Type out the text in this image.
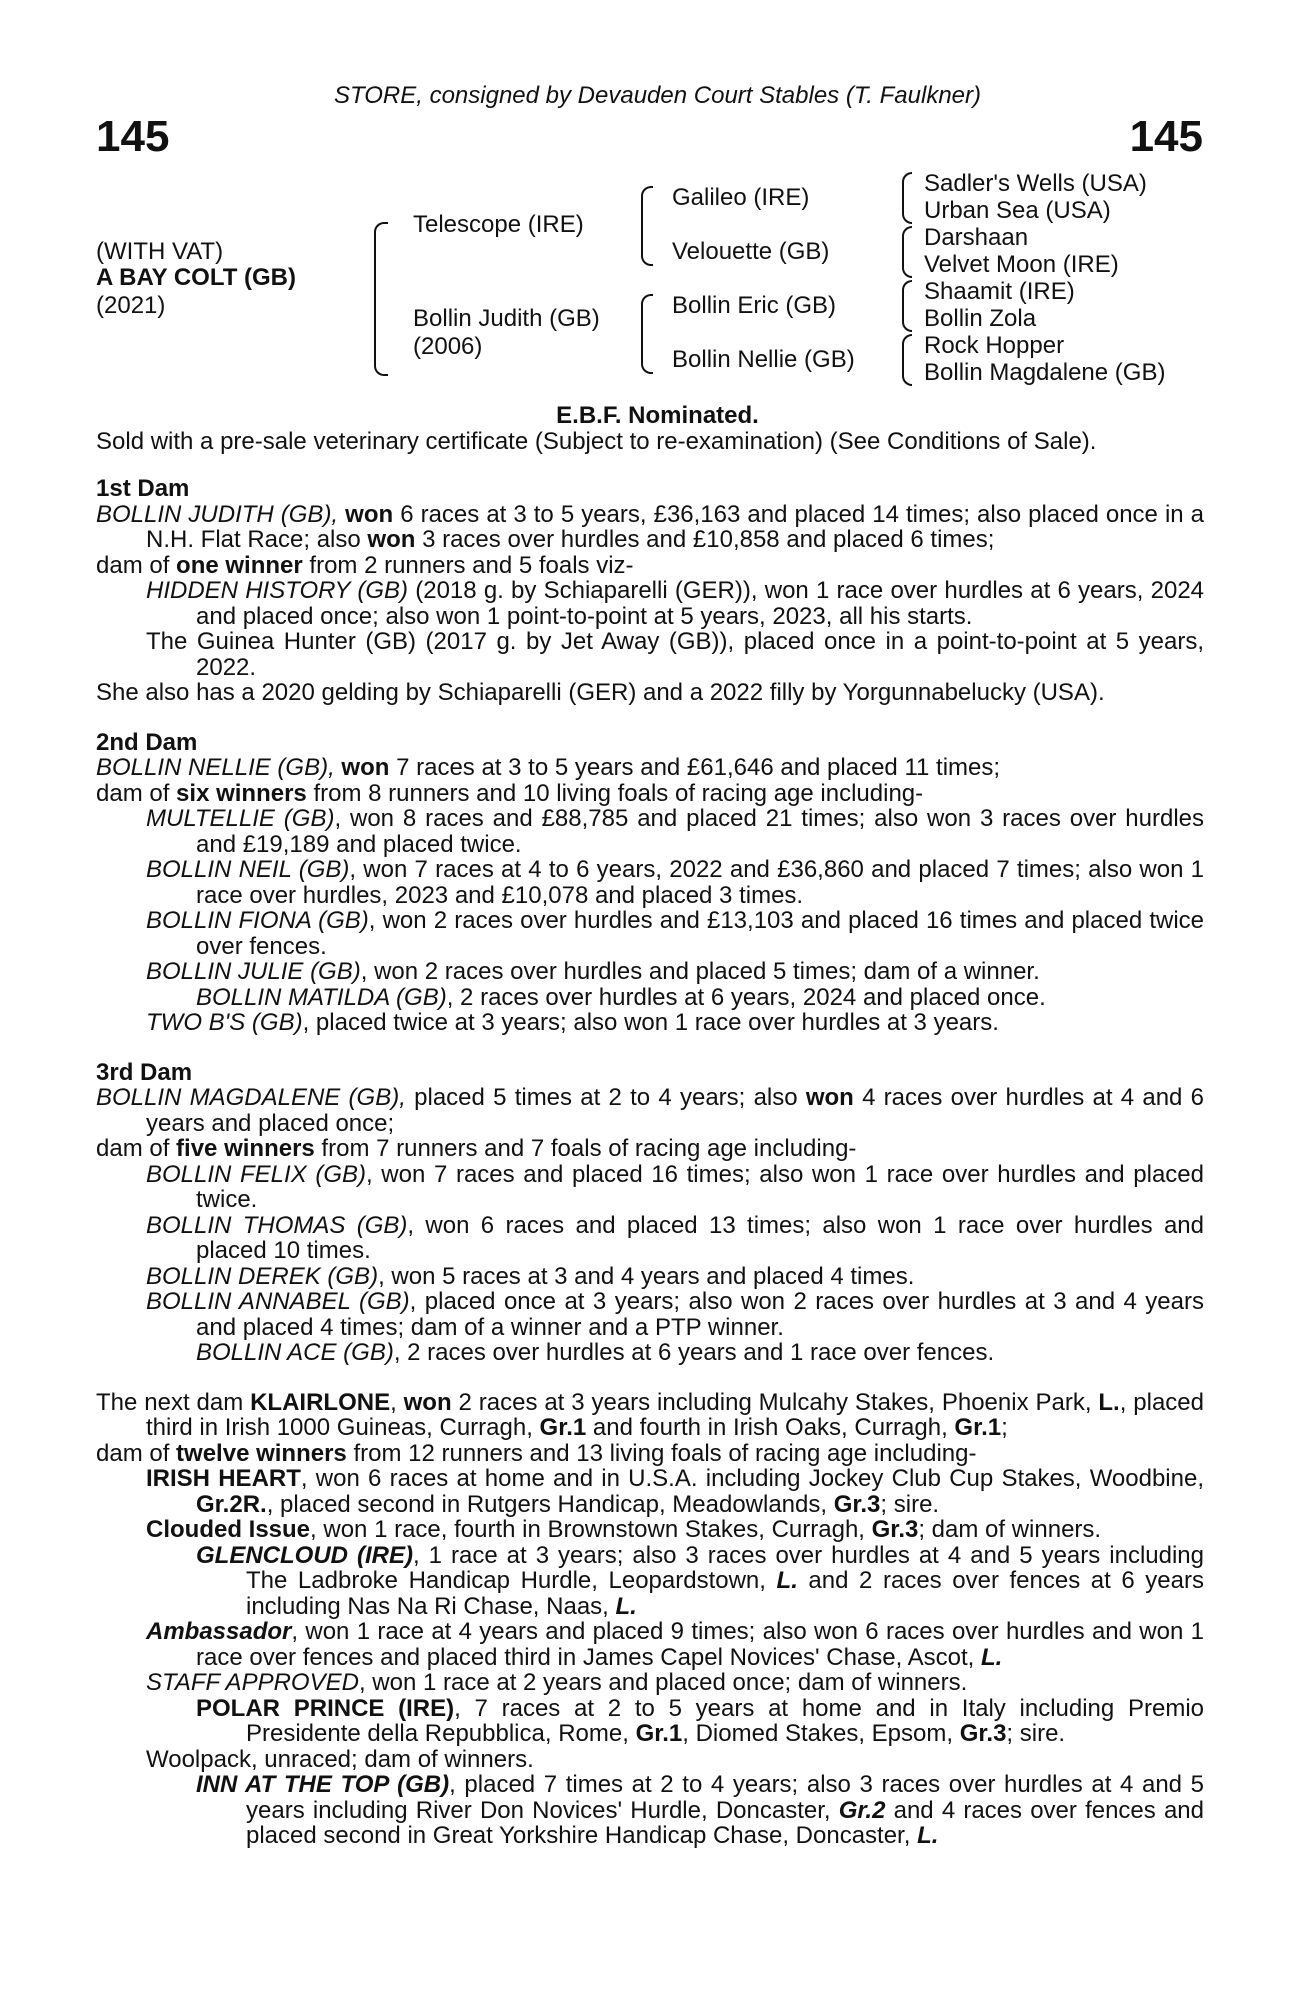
STORE, consigned by Devauden Court Stables (T. Faulkner)
145	145
(WITH VAT)
A BAY COLT (GB)
(2021)
Telescope (IRE)
Bollin Judith (GB)
(2006)
Galileo (IRE)
Velouette (GB)
Bollin Eric (GB)
Bollin Nellie (GB)
Sadler's Wells (USA)
Urban Sea (USA)
Darshaan
Velvet Moon (IRE)
Shaamit (IRE)
Bollin Zola
Rock Hopper
Bollin Magdalene (GB)
E.B.F. Nominated.
Sold with a pre-sale veterinary certificate (Subject to re-examination) (See Conditions of Sale).
1st Dam
BOLLIN JUDITH (GB), won 6 races at 3 to 5 years, £36,163 and placed 14 times; also placed once in a N.H. Flat Race; also won 3 races over hurdles and £10,858 and placed 6 times;
dam of one winner from 2 runners and 5 foals viz-
HIDDEN HISTORY (GB) (2018 g. by Schiaparelli (GER)), won 1 race over hurdles at 6 years, 2024 and placed once; also won 1 point-to-point at 5 years, 2023, all his starts.
The Guinea Hunter (GB) (2017 g. by Jet Away (GB)), placed once in a point-to-point at 5 years, 2022.
She also has a 2020 gelding by Schiaparelli (GER) and a 2022 filly by Yorgunnabelucky (USA).
2nd Dam
BOLLIN NELLIE (GB), won 7 races at 3 to 5 years and £61,646 and placed 11 times;
dam of six winners from 8 runners and 10 living foals of racing age including-
MULTELLIE (GB), won 8 races and £88,785 and placed 21 times; also won 3 races over hurdles and £19,189 and placed twice.
BOLLIN NEIL (GB), won 7 races at 4 to 6 years, 2022 and £36,860 and placed 7 times; also won 1 race over hurdles, 2023 and £10,078 and placed 3 times.
BOLLIN FIONA (GB), won 2 races over hurdles and £13,103 and placed 16 times and placed twice over fences.
BOLLIN JULIE (GB), won 2 races over hurdles and placed 5 times; dam of a winner.
BOLLIN MATILDA (GB), 2 races over hurdles at 6 years, 2024 and placed once.
TWO B'S (GB), placed twice at 3 years; also won 1 race over hurdles at 3 years.
3rd Dam
BOLLIN MAGDALENE (GB), placed 5 times at 2 to 4 years; also won 4 races over hurdles at 4 and 6 years and placed once;
dam of five winners from 7 runners and 7 foals of racing age including-
BOLLIN FELIX (GB), won 7 races and placed 16 times; also won 1 race over hurdles and placed twice.
BOLLIN THOMAS (GB), won 6 races and placed 13 times; also won 1 race over hurdles and placed 10 times.
BOLLIN DEREK (GB), won 5 races at 3 and 4 years and placed 4 times.
BOLLIN ANNABEL (GB), placed once at 3 years; also won 2 races over hurdles at 3 and 4 years and placed 4 times; dam of a winner and a PTP winner.
BOLLIN ACE (GB), 2 races over hurdles at 6 years and 1 race over fences.
The next dam KLAIRLONE, won 2 races at 3 years including Mulcahy Stakes, Phoenix Park, L., placed third in Irish 1000 Guineas, Curragh, Gr.1 and fourth in Irish Oaks, Curragh, Gr.1;
dam of twelve winners from 12 runners and 13 living foals of racing age including-
IRISH HEART, won 6 races at home and in U.S.A. including Jockey Club Cup Stakes, Woodbine, Gr.2R., placed second in Rutgers Handicap, Meadowlands, Gr.3; sire.
Clouded Issue, won 1 race, fourth in Brownstown Stakes, Curragh, Gr.3; dam of winners.
GLENCLOUD (IRE), 1 race at 3 years; also 3 races over hurdles at 4 and 5 years including The Ladbroke Handicap Hurdle, Leopardstown, L. and 2 races over fences at 6 years including Nas Na Ri Chase, Naas, L.
Ambassador, won 1 race at 4 years and placed 9 times; also won 6 races over hurdles and won 1 race over fences and placed third in James Capel Novices' Chase, Ascot, L.
STAFF APPROVED, won 1 race at 2 years and placed once; dam of winners.
POLAR PRINCE (IRE), 7 races at 2 to 5 years at home and in Italy including Premio Presidente della Repubblica, Rome, Gr.1, Diomed Stakes, Epsom, Gr.3; sire.
Woolpack, unraced; dam of winners.
INN AT THE TOP (GB), placed 7 times at 2 to 4 years; also 3 races over hurdles at 4 and 5 years including River Don Novices' Hurdle, Doncaster, Gr.2 and 4 races over fences and placed second in Great Yorkshire Handicap Chase, Doncaster, L.
